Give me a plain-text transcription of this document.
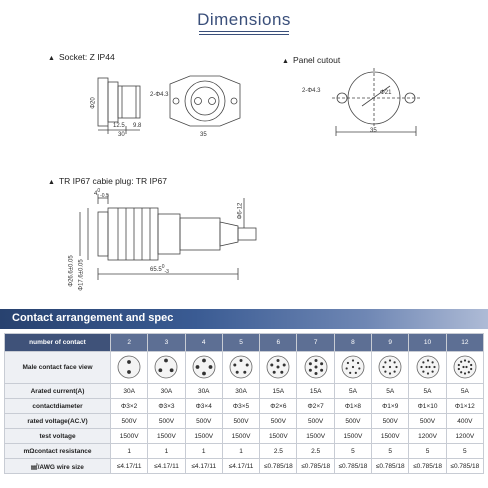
Dimensions
▲ Socket: Z IP44
Φ20
12.5 9.8
30
2-Φ4.3
35
▲ Panel cutout
2-Φ4.3	Φ21
35
▲ TR IP67 cabie plug: TR IP67
$4^0_{-0.5}$
Φ6-12
Φ26.6±0.05 Φ17.6±0.05	$65.5^0_{-3}$
Contact arrangement and spec
number of contact	2	3	4	5	6	7	8	9	10	12
Male contact face view										
Arated current(A)	30A	30A	30A	30A	15A	15A	5A	5A	5A	5A
contactdiameter	Φ3×2	Φ3×3	Φ3×4	Φ3×5	Φ2×6	Φ2×7	Φ1×8	Φ1×9	Φ1×10	Φ1×12
rated voltage(AC.V)	500V	500V	500V	500V	500V	500V	500V	500V	500V	400V
test voltage	1500V	1500V	1500V	1500V	1500V	1500V	1500V	1500V	1200V	1200V
mΩcontact resistance	1	1	1	1	2.5	2.5	5	5	5	5
㎟/AWG wire size	≤4.17/11	≤4.17/11	≤4.17/11	≤4.17/11	≤0.785/18	≤0.785/18	≤0.785/18	≤0.785/18	≤0.785/18	≤0.785/18
